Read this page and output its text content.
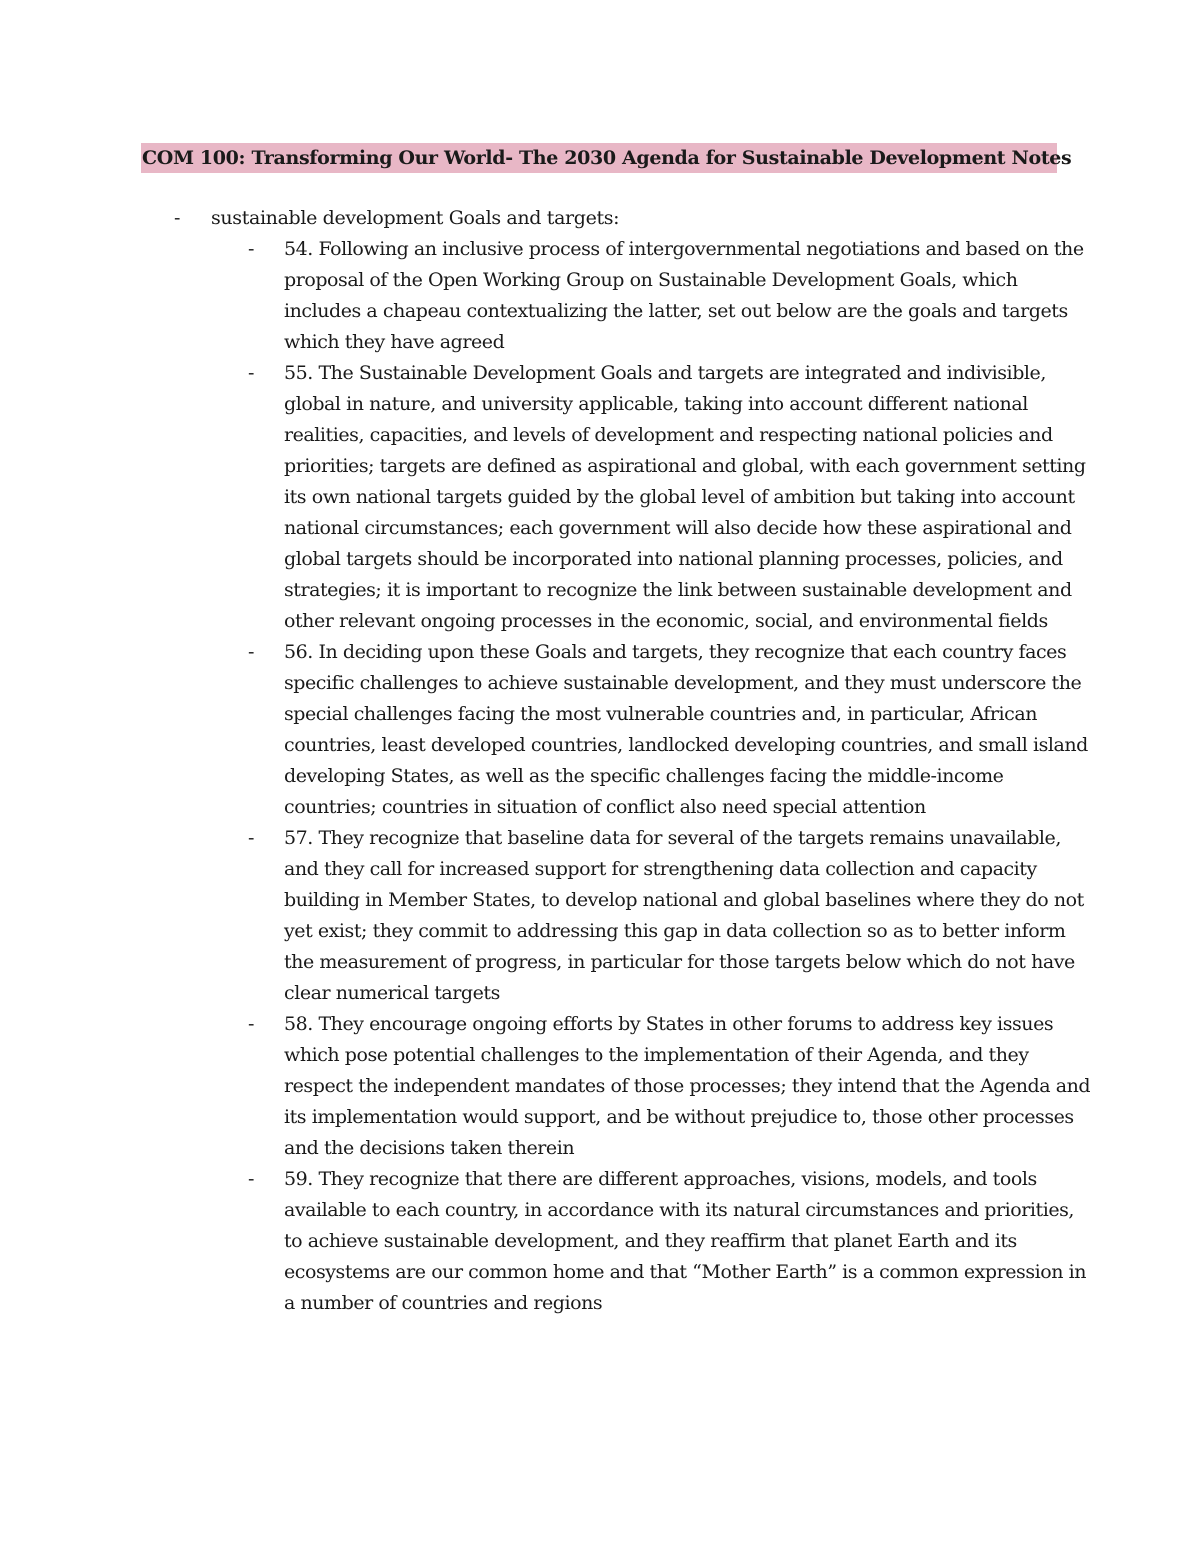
COM 100: Transforming Our World- The 2030 Agenda for Sustainable Development Notes
- sustainable development Goals and targets:
- 54. Following an inclusive process of intergovernmental negotiations and based on the proposal of the Open Working Group on Sustainable Development Goals, which includes a chapeau contextualizing the latter, set out below are the goals and targets which they have agreed
- 55. The Sustainable Development Goals and targets are integrated and indivisible, global in nature, and university applicable, taking into account different national realities, capacities, and levels of development and respecting national policies and priorities; targets are defined as aspirational and global, with each government setting its own national targets guided by the global level of ambition but taking into account national circumstances; each government will also decide how these aspirational and global targets should be incorporated into national planning processes, policies, and strategies; it is important to recognize the link between sustainable development and other relevant ongoing processes in the economic, social, and environmental fields
- 56. In deciding upon these Goals and targets, they recognize that each country faces specific challenges to achieve sustainable development, and they must underscore the special challenges facing the most vulnerable countries and, in particular, African countries, least developed countries, landlocked developing countries, and small island developing States, as well as the specific challenges facing the middle-income countries; countries in situation of conflict also need special attention
- 57. They recognize that baseline data for several of the targets remains unavailable, and they call for increased support for strengthening data collection and capacity building in Member States, to develop national and global baselines where they do not yet exist; they commit to addressing this gap in data collection so as to better inform the measurement of progress, in particular for those targets below which do not have clear numerical targets
- 58. They encourage ongoing efforts by States in other forums to address key issues which pose potential challenges to the implementation of their Agenda, and they respect the independent mandates of those processes; they intend that the Agenda and its implementation would support, and be without prejudice to, those other processes and the decisions taken therein
- 59. They recognize that there are different approaches, visions, models, and tools available to each country, in accordance with its natural circumstances and priorities, to achieve sustainable development, and they reaffirm that planet Earth and its ecosystems are our common home and that “Mother Earth” is a common expression in a number of countries and regions
